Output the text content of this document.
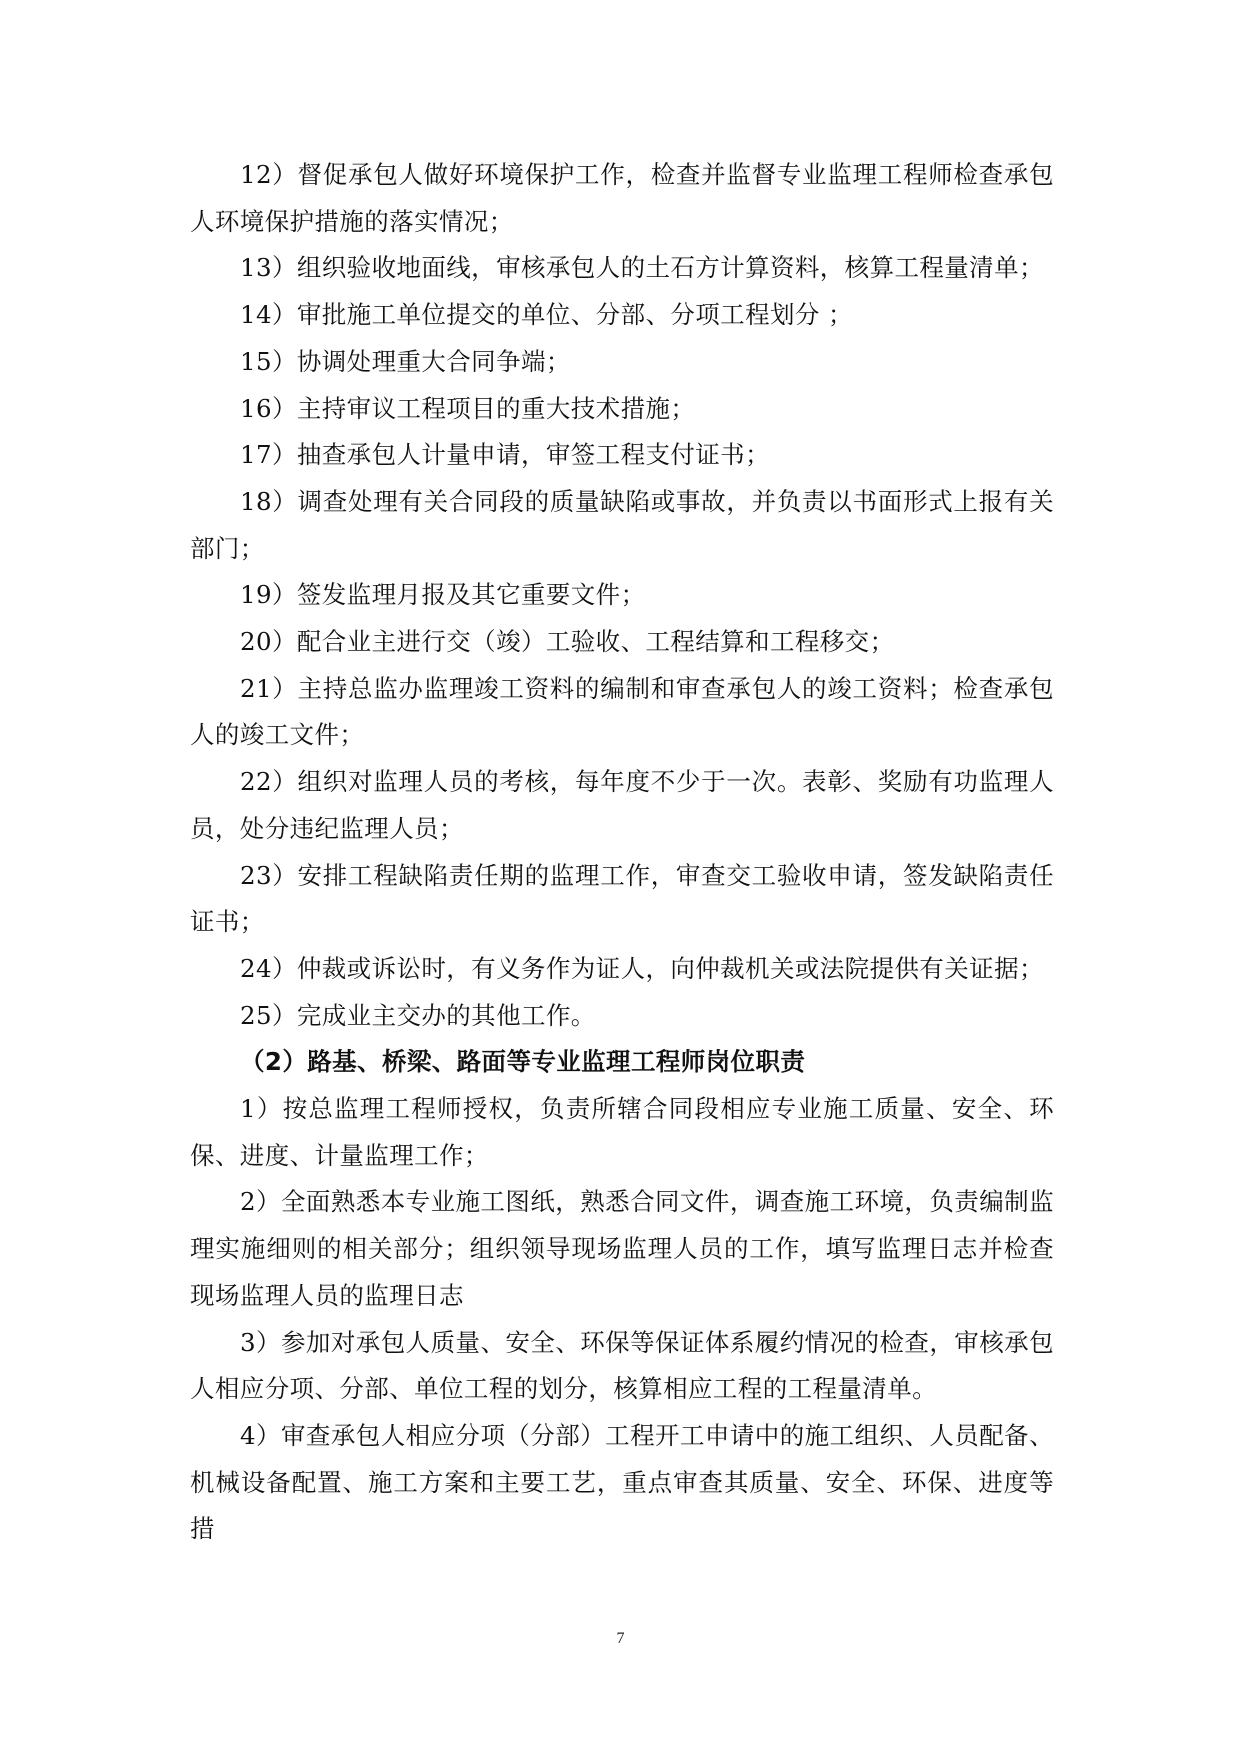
12）督促承包人做好环境保护工作，检查并监督专业监理工程师检查承包人环境保护措施的落实情况；

13）组织验收地面线，审核承包人的土石方计算资料，核算工程量清单；

14）审批施工单位提交的单位、分部、分项工程划分 ；

15）协调处理重大合同争端；

16）主持审议工程项目的重大技术措施；

17）抽查承包人计量申请，审签工程支付证书；

18）调查处理有关合同段的质量缺陷或事故，并负责以书面形式上报有关部门；

19）签发监理月报及其它重要文件；

20）配合业主进行交（竣）工验收、工程结算和工程移交；

21）主持总监办监理竣工资料的编制和审查承包人的竣工资料；检查承包人的竣工文件；

22）组织对监理人员的考核，每年度不少于一次。表彰、奖励有功监理人员，处分违纪监理人员；

23）安排工程缺陷责任期的监理工作，审查交工验收申请，签发缺陷责任证书；

24）仲裁或诉讼时，有义务作为证人，向仲裁机关或法院提供有关证据；

25）完成业主交办的其他工作。

（2）路基、桥梁、路面等专业监理工程师岗位职责

1）按总监理工程师授权，负责所辖合同段相应专业施工质量、安全、环保、进度、计量监理工作；

2）全面熟悉本专业施工图纸，熟悉合同文件，调查施工环境，负责编制监理实施细则的相关部分；组织领导现场监理人员的工作，填写监理日志并检查现场监理人员的监理日志

3）参加对承包人质量、安全、环保等保证体系履约情况的检查，审核承包人相应分项、分部、单位工程的划分，核算相应工程的工程量清单。

4）审查承包人相应分项（分部）工程开工申请中的施工组织、人员配备、机械设备配置、施工方案和主要工艺，重点审查其质量、安全、环保、进度等措

7
